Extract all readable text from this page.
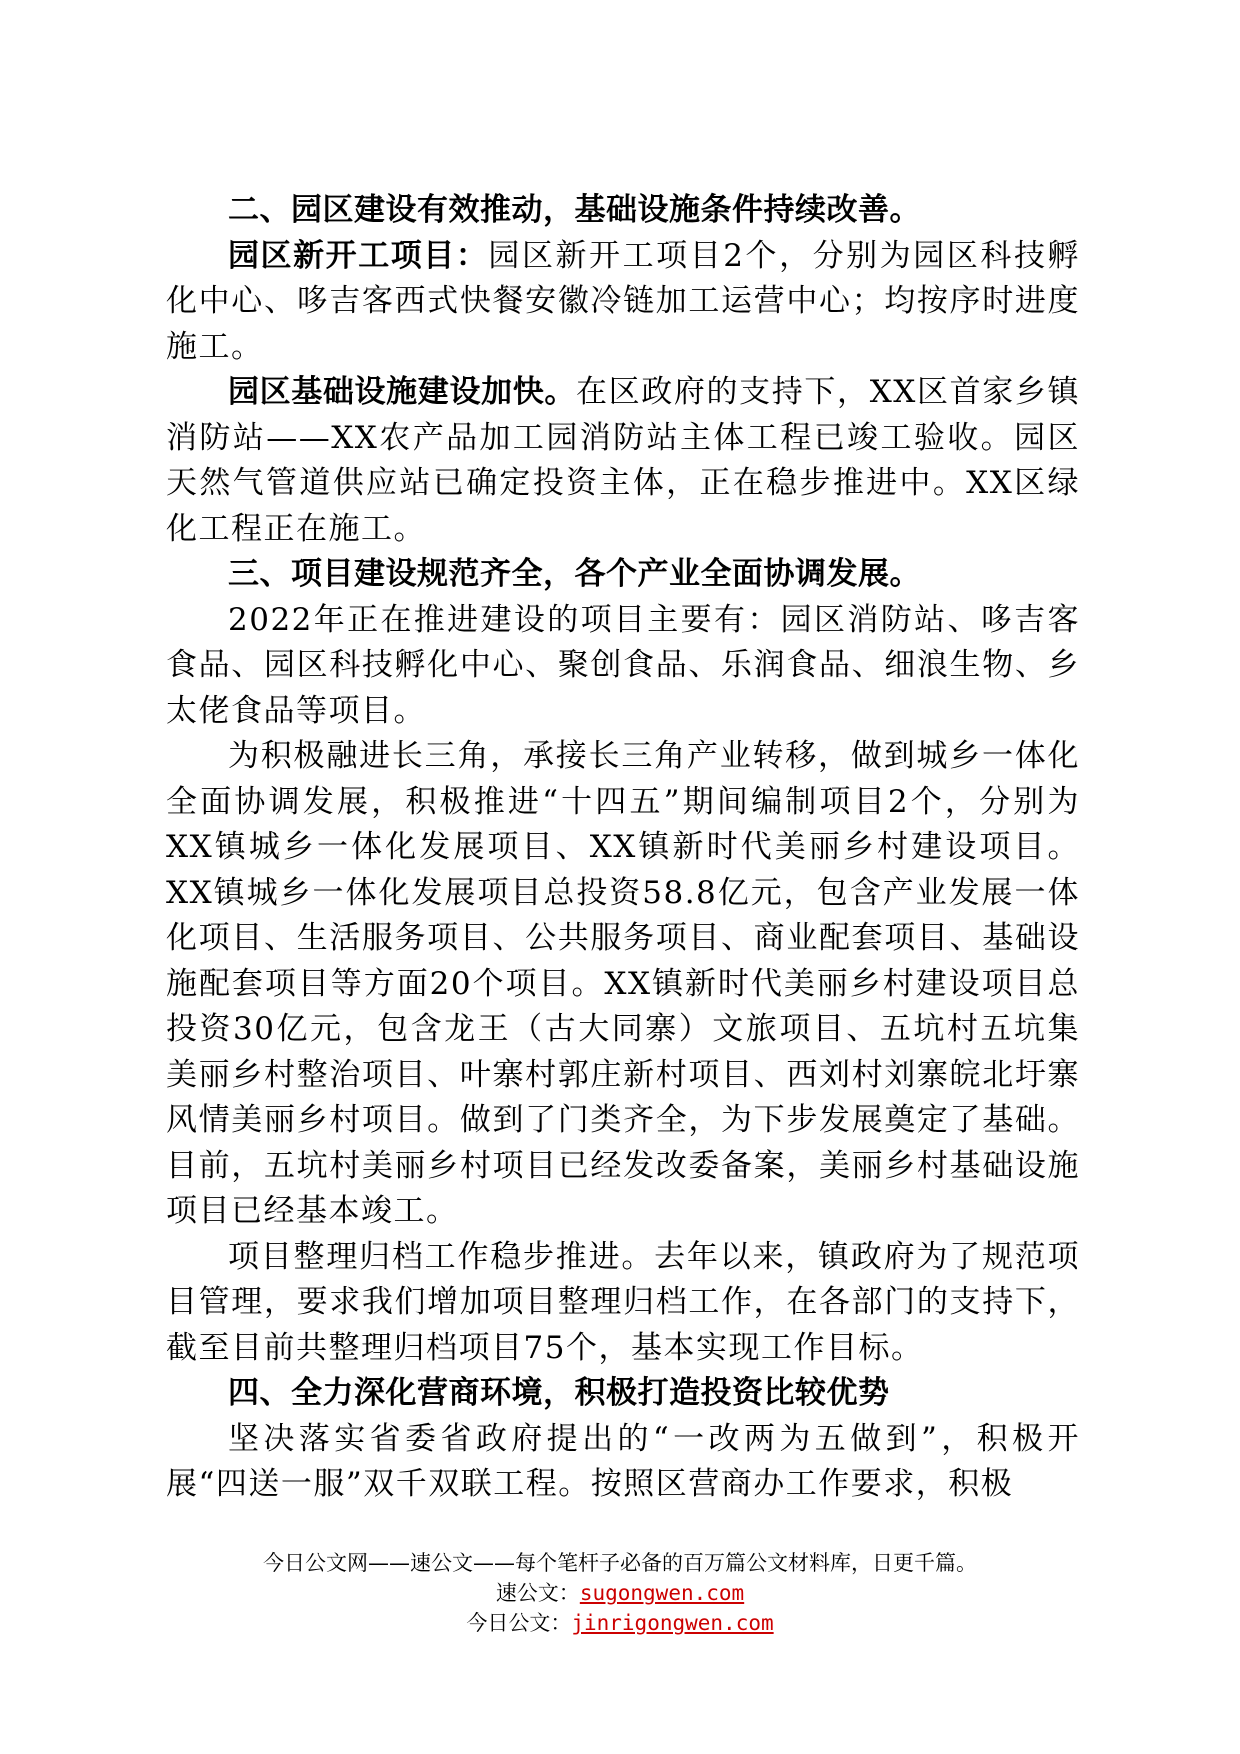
二、园区建设有效推动，基础设施条件持续改善。

园区新开工项目：园区新开工项目2个，分别为园区科技孵化中心、哆吉客西式快餐安徽冷链加工运营中心；均按序时进度施工。

园区基础设施建设加快。在区政府的支持下，XX区首家乡镇消防站——XX农产品加工园消防站主体工程已竣工验收。园区天然气管道供应站已确定投资主体，正在稳步推进中。XX区绿化工程正在施工。

三、项目建设规范齐全，各个产业全面协调发展。

2022年正在推进建设的项目主要有：园区消防站、哆吉客食品、园区科技孵化中心、聚创食品、乐润食品、细浪生物、乡太佬食品等项目。

为积极融进长三角，承接长三角产业转移，做到城乡一体化全面协调发展，积极推进“十四五”期间编制项目2个，分别为XX镇城乡一体化发展项目、XX镇新时代美丽乡村建设项目。XX镇城乡一体化发展项目总投资58.8亿元，包含产业发展一体化项目、生活服务项目、公共服务项目、商业配套项目、基础设施配套项目等方面20个项目。XX镇新时代美丽乡村建设项目总投资30亿元，包含龙王（古大同寨）文旅项目、五坑村五坑集美丽乡村整治项目、叶寨村郭庄新村项目、西刘村刘寨皖北圩寨风情美丽乡村项目。做到了门类齐全，为下步发展奠定了基础。目前，五坑村美丽乡村项目已经发改委备案，美丽乡村基础设施项目已经基本竣工。

项目整理归档工作稳步推进。去年以来，镇政府为了规范项目管理，要求我们增加项目整理归档工作，在各部门的支持下，截至目前共整理归档项目75个，基本实现工作目标。

四、全力深化营商环境，积极打造投资比较优势

坚决落实省委省政府提出的“一改两为五做到”，积极开展“四送一服”双千双联工程。按照区营商办工作要求，积极

今日公文网——速公文——每个笔杆子必备的百万篇公文材料库，日更千篇。
速公文：sugongwen.com
今日公文：jinrigongwen.com
